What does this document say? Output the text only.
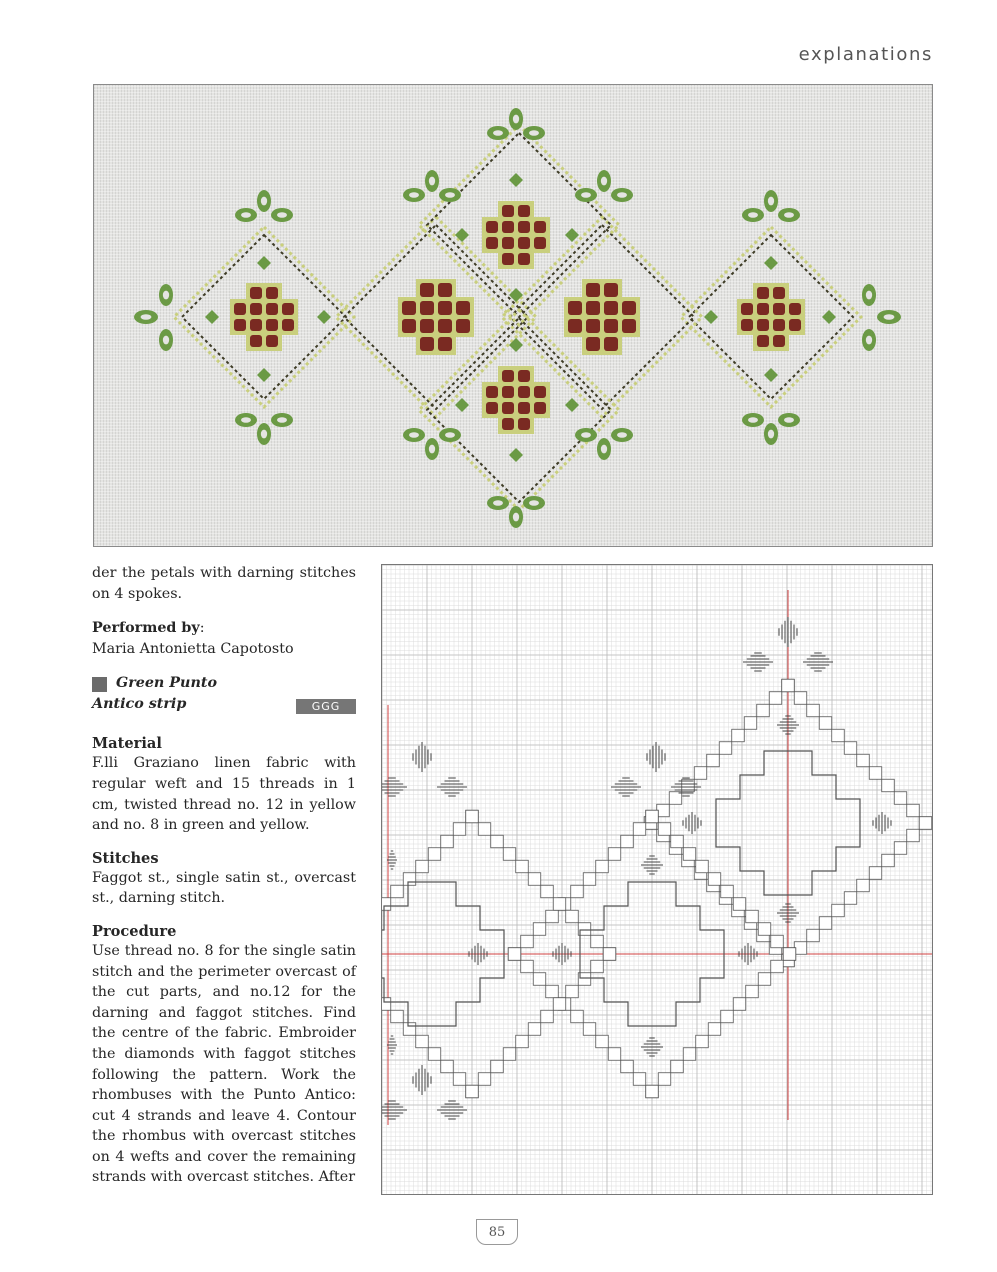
explanations

der the petals with darning stitches on 4 spokes.

Performed by:

Maria Antonietta Capotosto

Green Punto
Antico strip	GGG

Material

F.lli Graziano linen fabric with regular weft and 15 threads in 1 cm, twisted thread no. 12 in yellow and no. 8 in green and yellow.

Stitches

Faggot st., single satin st., overcast st., darning stitch.

Procedure

Use thread no. 8 for the single satin stitch and the perimeter overcast of the cut parts, and no.12 for the darning and faggot stitches. Find the centre of the fabric. Embroider the diamonds with faggot stitches following the pattern. Work the rhombuses with the Punto Antico: cut 4 strands and leave 4. Contour the rhombus with overcast stitches on 4 wefts and cover the remaining strands with overcast stitches. After

85
